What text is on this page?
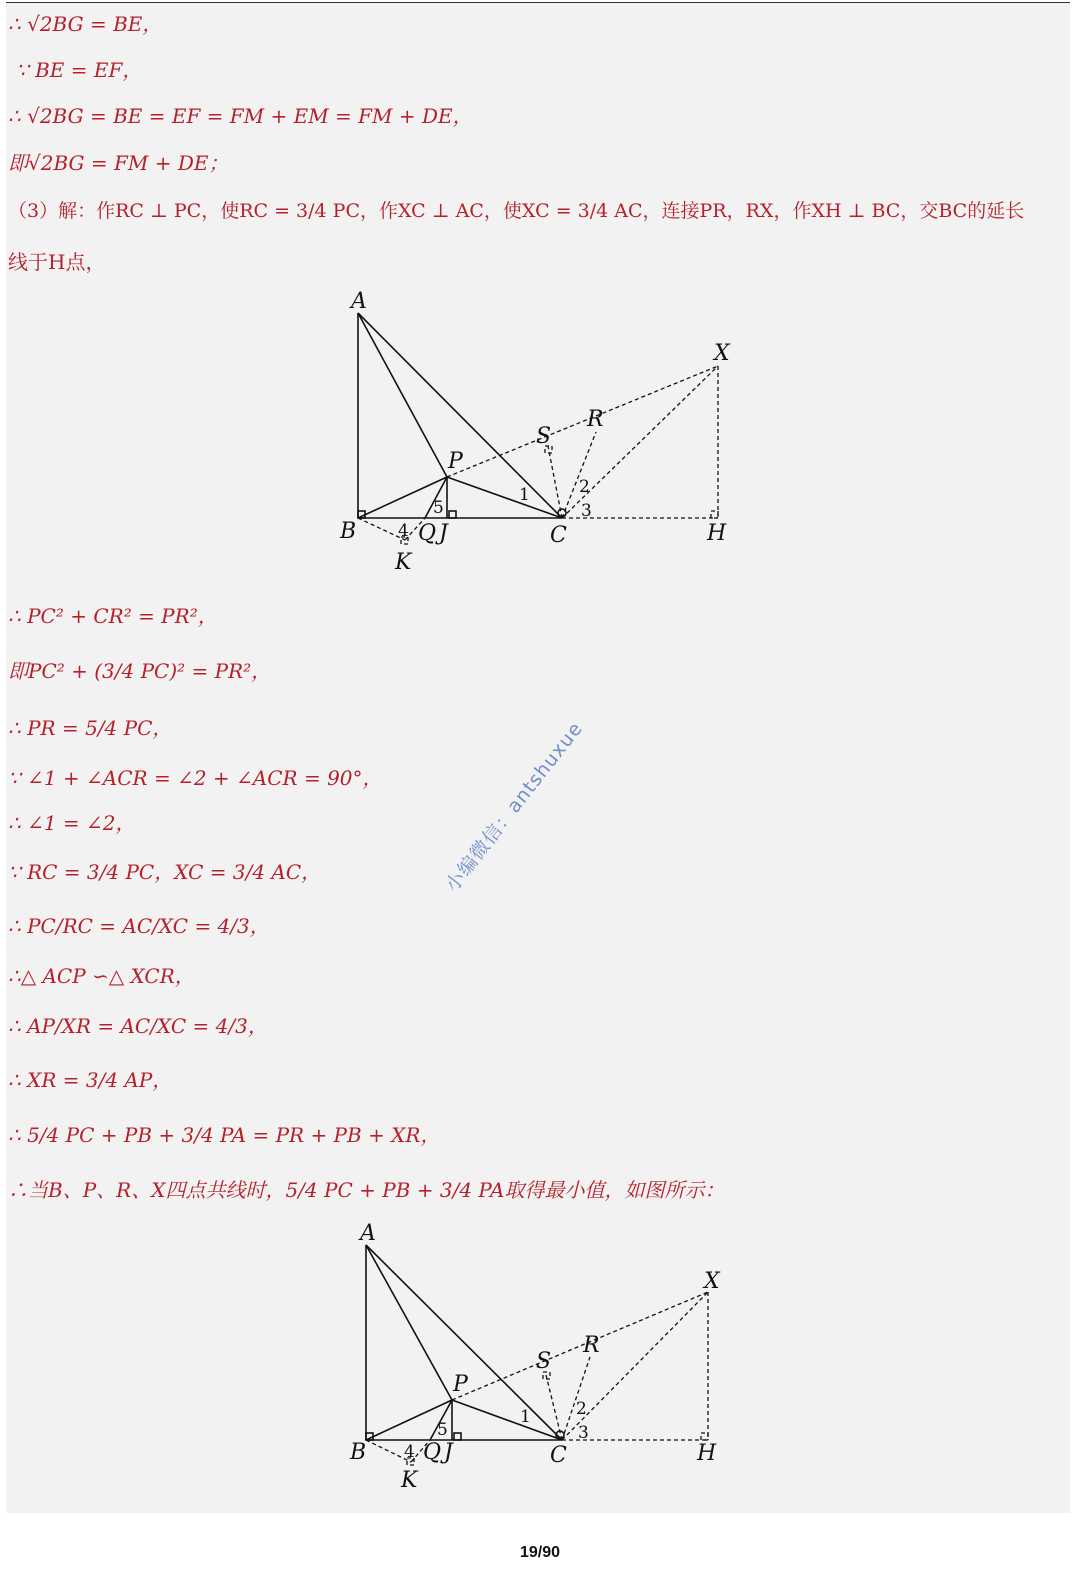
∴ √2BG = BE，
∵ BE = EF，
∴ √2BG = BE = EF = FM + EM = FM + DE，
即√2BG = FM + DE；
（3）解：作RC ⊥ PC，使RC = 3/4 PC，作XC ⊥ AC，使XC = 3/4 AC，连接PR，RX，作XH ⊥ BC，交BC的延长
线于H点，
A
X
R
S
P
1	2
3
5
4
B	Q J	C	H
K
∴ PC² + CR² = PR²，
即PC² + (3/4 PC)² = PR²，
∴ PR = 5/4 PC，
∵ ∠1 + ∠ACR = ∠2 + ∠ACR = 90°，
∴ ∠1 = ∠2，
∵ RC = 3/4 PC，XC = 3/4 AC，
∴ PC/RC = AC/XC = 4/3，
∴△ ACP ∽△ XCR，
∴ AP/XR = AC/XC = 4/3，
∴ XR = 3/4 AP，
∴ 5/4 PC + PB + 3/4 PA = PR + PB + XR，
∴当B、P、R、X四点共线时，5/4 PC + PB + 3/4 PA取得最小值，如图所示：
A
X
R
S
P
1	2
3
5
4
B	Q J	C	H
K
小编微信：antshuxue
19/90
